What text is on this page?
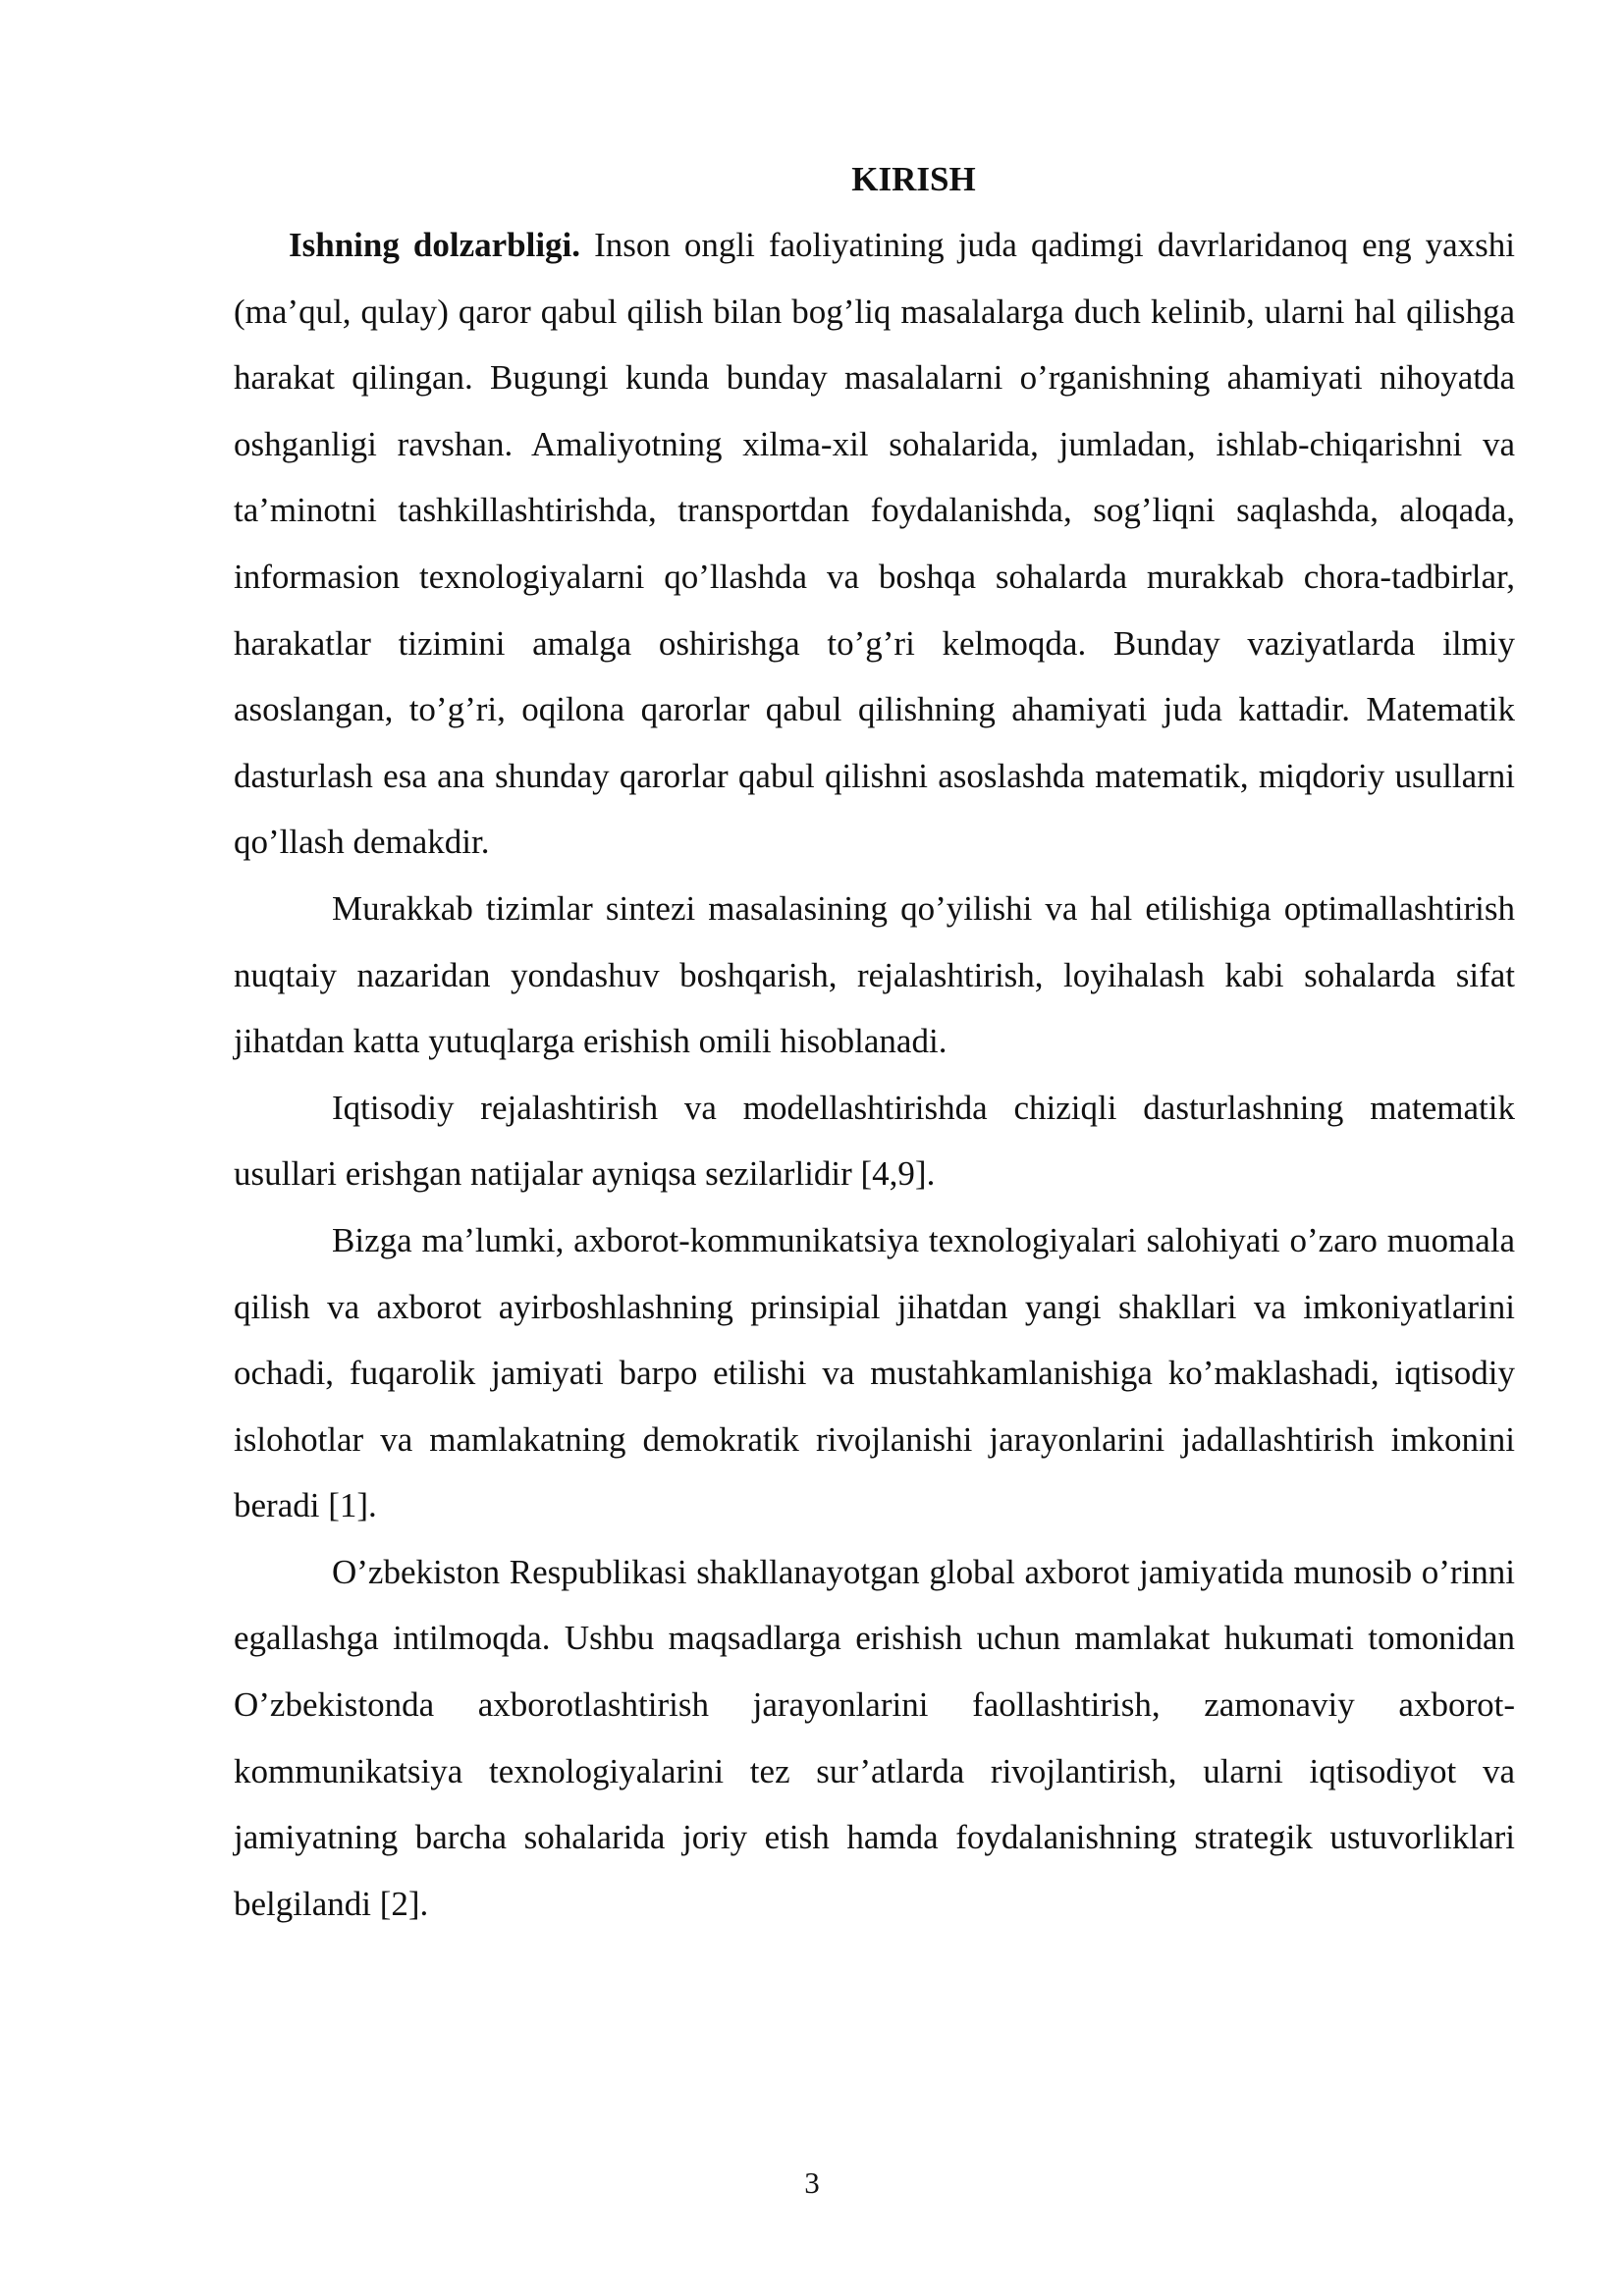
KIRISH

Ishning dolzarbligi. Inson ongli faoliyatining juda qadimgi davrlaridanoq eng yaxshi (ma’qul, qulay) qaror qabul qilish bilan bog’liq masalalarga duch kelinib, ularni hal qilishga harakat qilingan. Bugungi kunda bunday masalalarni o’rganishning ahamiyati nihoyatda oshganligi ravshan. Amaliyotning xilma-xil sohalarida, jumladan, ishlab-chiqarishni va ta’minotni tashkillashtirishda, transportdan foydalanishda, sog’liqni saqlashda, aloqada, informasion texnologiyalarni qo’llashda va boshqa sohalarda murakkab chora-tadbirlar, harakatlar tizimini amalga oshirishga to’g’ri kelmoqda. Bunday vaziyatlarda ilmiy asoslangan, to’g’ri, oqilona qarorlar qabul qilishning ahamiyati juda kattadir. Matematik dasturlash esa ana shunday qarorlar qabul qilishni asoslashda matematik, miqdoriy usullarni qo’llash demakdir.

Murakkab tizimlar sintezi masalasining qo’yilishi va hal etilishiga optimallashtirish nuqtaiy nazaridan yondashuv boshqarish, rejalashtirish, loyihalash kabi sohalarda sifat jihatdan katta yutuqlarga erishish omili hisoblanadi.

Iqtisodiy rejalashtirish va modellashtirishda chiziqli dasturlashning matematik usullari erishgan natijalar ayniqsa sezilarlidir [4,9].

Bizga ma’lumki, axborot-kommunikatsiya texnologiyalari salohiyati o’zaro muomala qilish va axborot ayirboshlashning prinsipial jihatdan yangi shakllari va imkoniyatlarini ochadi, fuqarolik jamiyati barpo etilishi va mustahkamlanishiga ko’maklashadi, iqtisodiy islohotlar va mamlakatning demokratik rivojlanishi jarayonlarini jadallashtirish imkonini beradi [1].

O’zbekiston Respublikasi shakllanayotgan global axborot jamiyatida munosib o’rinni egallashga intilmoqda. Ushbu maqsadlarga erishish uchun mamlakat hukumati tomonidan O’zbekistonda axborotlashtirish jarayonlarini faollashtirish, zamonaviy axborot-kommunikatsiya texnologiyalarini tez sur’atlarda rivojlantirish, ularni iqtisodiyot va jamiyatning barcha sohalarida joriy etish hamda foydalanishning strategik ustuvorliklari belgilandi [2].

3
